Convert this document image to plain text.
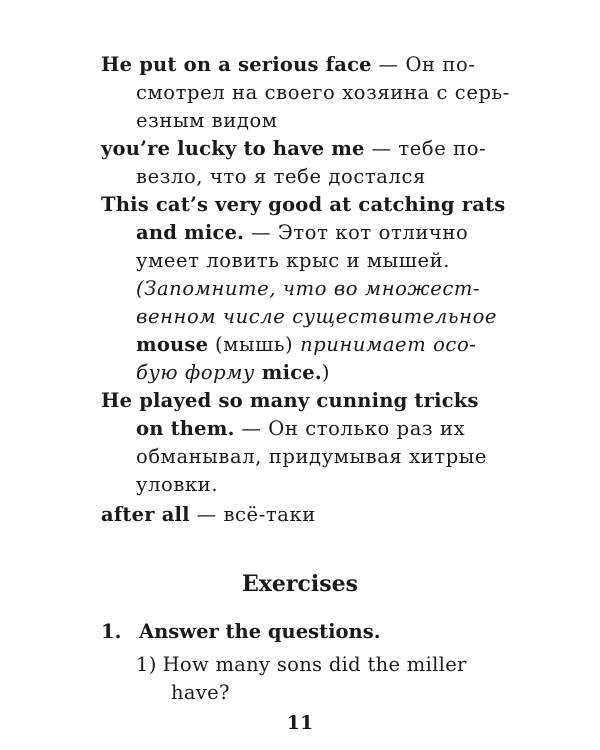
He put on a serious face — Он по-
смотрел на своего хозяина с серь-
езным видом
you’re lucky to have me — тебе по-
везло, что я тебе достался
This cat’s very good at catching rats
and mice. — Этот кот отлично
умеет ловить крыс и мышей.
(Запомните, что во множест-
венном числе существительное
mouse (мышь) принимает осо-
бую форму mice.)
He played so many cunning tricks
on them. — Он столько раз их
обманывал, придумывая хитрые
уловки.
after all — всё-таки
Exercises
1. Answer the questions.
1) How many sons did the miller
have?
11
